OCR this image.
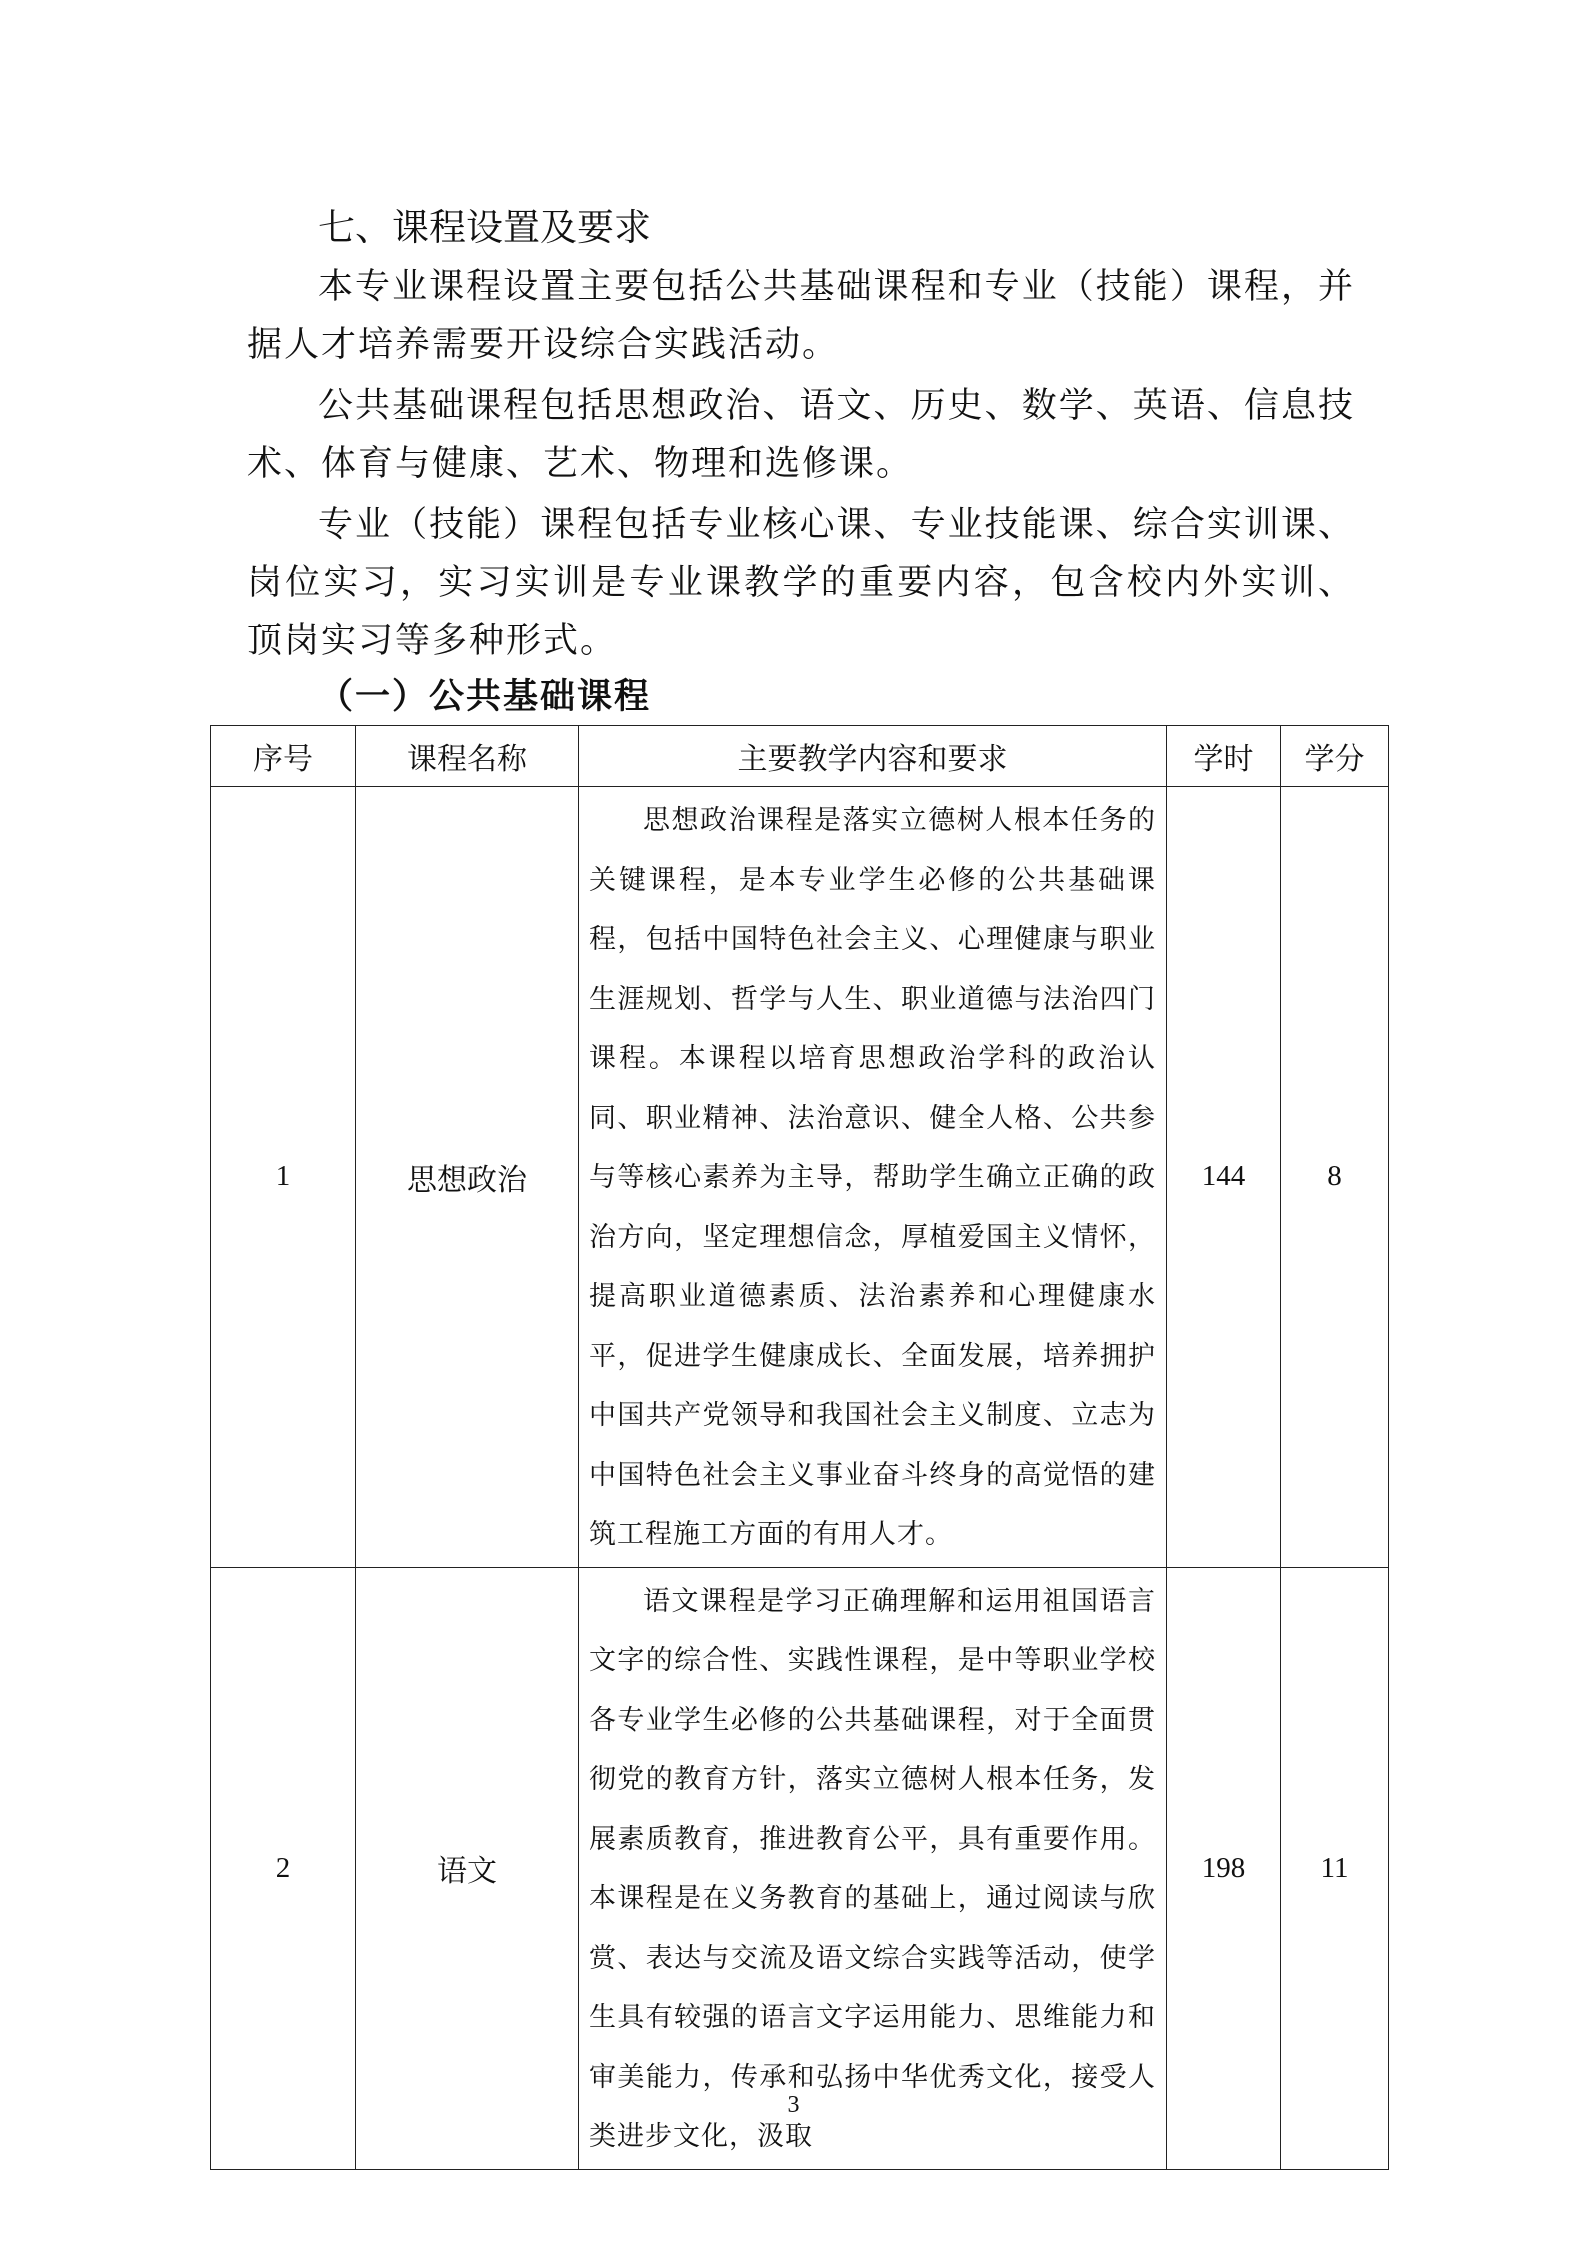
七、课程设置及要求

本专业课程设置主要包括公共基础课程和专业（技能）课程，并据人才培养需要开设综合实践活动。

公共基础课程包括思想政治、语文、历史、数学、英语、信息技术、体育与健康、艺术、物理和选修课。

专业（技能）课程包括专业核心课、专业技能课、综合实训课、岗位实习，实习实训是专业课教学的重要内容，包含校内外实训、顶岗实习等多种形式。

（一）公共基础课程
序号	课程名称	主要教学内容和要求	学时	学分
1	思想政治	思想政治课程是落实立德树人根本任务的关键课程，是本专业学生必修的公共基础课程，包括中国特色社会主义、心理健康与职业生涯规划、哲学与人生、职业道德与法治四门课程。本课程以培育思想政治学科的政治认同、职业精神、法治意识、健全人格、公共参与等核心素养为主导，帮助学生确立正确的政治方向，坚定理想信念，厚植爱国主义情怀，提高职业道德素质、法治素养和心理健康水平，促进学生健康成长、全面发展，培养拥护中国共产党领导和我国社会主义制度、立志为中国特色社会主义事业奋斗终身的高觉悟的建筑工程施工方面的有用人才。	144	8
2	语文	语文课程是学习正确理解和运用祖国语言文字的综合性、实践性课程，是中等职业学校各专业学生必修的公共基础课程，对于全面贯彻党的教育方针，落实立德树人根本任务，发展素质教育，推进教育公平，具有重要作用。本课程是在义务教育的基础上，通过阅读与欣赏、表达与交流及语文综合实践等活动，使学生具有较强的语言文字运用能力、思维能力和审美能力，传承和弘扬中华优秀文化，接受人类进步文化，汲取	198	11
3
